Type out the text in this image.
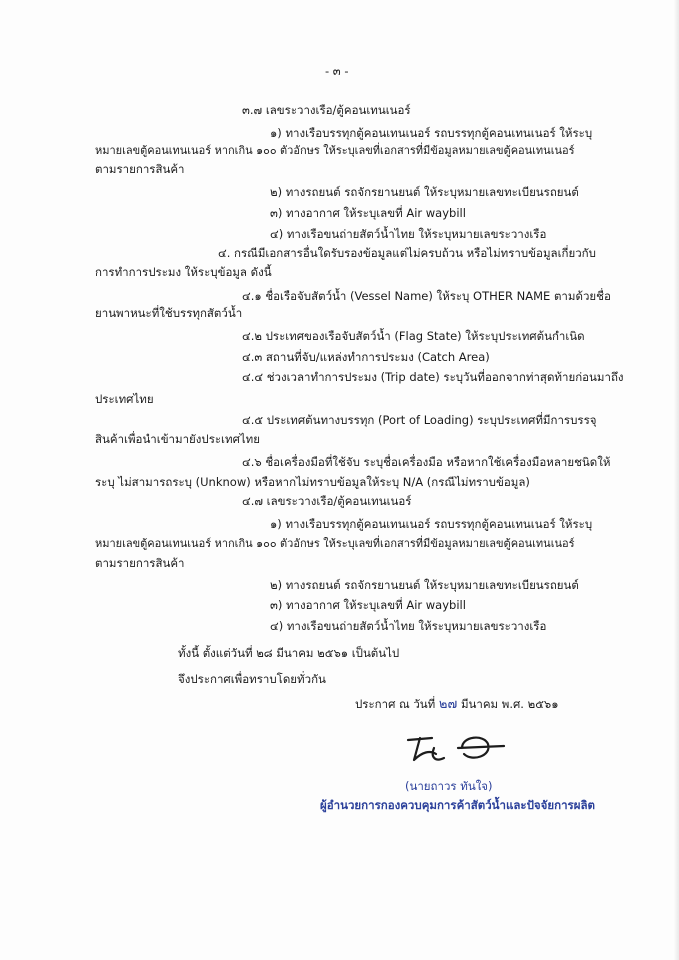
- ๓ -
๓.๗ เลขระวางเรือ/ตู้คอนเทนเนอร์
๑) ทางเรือบรรทุกตู้คอนเทนเนอร์ รถบรรทุกตู้คอนเทนเนอร์ ให้ระบุ
หมายเลขตู้คอนเทนเนอร์ หากเกิน ๑๐๐ ตัวอักษร ให้ระบุเลขที่เอกสารที่มีข้อมูลหมายเลขตู้คอนเทนเนอร์
ตามรายการสินค้า
๒) ทางรถยนต์ รถจักรยานยนต์ ให้ระบุหมายเลขทะเบียนรถยนต์
๓) ทางอากาศ ให้ระบุเลขที่ Air waybill
๔) ทางเรือขนถ่ายสัตว์น้ำไทย ให้ระบุหมายเลขระวางเรือ
๔. กรณีมีเอกสารอื่นใดรับรองข้อมูลแต่ไม่ครบถ้วน หรือไม่ทราบข้อมูลเกี่ยวกับ
การทำการประมง ให้ระบุข้อมูล ดังนี้
๔.๑ ชื่อเรือจับสัตว์น้ำ (Vessel Name) ให้ระบุ OTHER NAME ตามด้วยชื่อ
ยานพาหนะที่ใช้บรรทุกสัตว์น้ำ
๔.๒ ประเทศของเรือจับสัตว์น้ำ (Flag State) ให้ระบุประเทศต้นกำเนิด
๔.๓ สถานที่จับ/แหล่งทำการประมง (Catch Area)
๔.๔ ช่วงเวลาทำการประมง (Trip date) ระบุวันที่ออกจากท่าสุดท้ายก่อนมาถึง
ประเทศไทย
๔.๕ ประเทศต้นทางบรรทุก (Port of Loading) ระบุประเทศที่มีการบรรจุ
สินค้าเพื่อนำเข้ามายังประเทศไทย
๔.๖ ชื่อเครื่องมือที่ใช้จับ ระบุชื่อเครื่องมือ หรือหากใช้เครื่องมือหลายชนิดให้
ระบุ ไม่สามารถระบุ (Unknow) หรือหากไม่ทราบข้อมูลให้ระบุ N/A (กรณีไม่ทราบข้อมูล)
๔.๗ เลขระวางเรือ/ตู้คอนเทนเนอร์
๑) ทางเรือบรรทุกตู้คอนเทนเนอร์ รถบรรทุกตู้คอนเทนเนอร์ ให้ระบุ
หมายเลขตู้คอนเทนเนอร์ หากเกิน ๑๐๐ ตัวอักษร ให้ระบุเลขที่เอกสารที่มีข้อมูลหมายเลขตู้คอนเทนเนอร์
ตามรายการสินค้า
๒) ทางรถยนต์ รถจักรยานยนต์ ให้ระบุหมายเลขทะเบียนรถยนต์
๓) ทางอากาศ ให้ระบุเลขที่ Air waybill
๔) ทางเรือขนถ่ายสัตว์น้ำไทย ให้ระบุหมายเลขระวางเรือ
ทั้งนี้ ตั้งแต่วันที่ ๒๘ มีนาคม ๒๕๖๑ เป็นต้นไป
จึงประกาศเพื่อทราบโดยทั่วกัน
ประกาศ ณ วันที่ ๒๗ มีนาคม พ.ศ. ๒๕๖๑
(นายถาวร ทันใจ)
ผู้อำนวยการกองควบคุมการค้าสัตว์น้ำและปัจจัยการผลิต
